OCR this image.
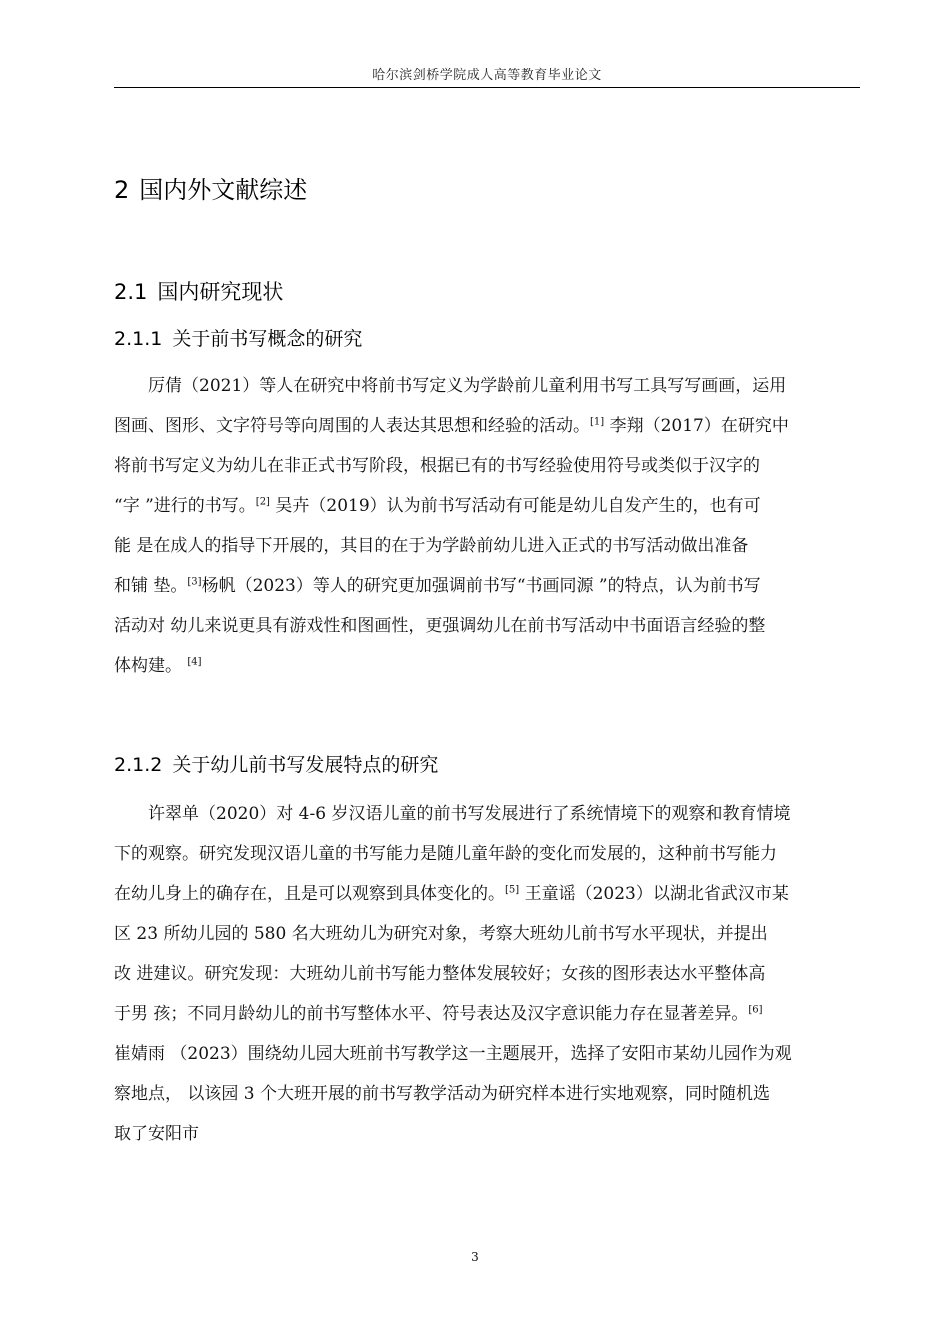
哈尔滨剑桥学院成人高等教育毕业论文
2 国内外文献综述
2.1 国内研究现状
2.1.1 关于前书写概念的研究
厉倩（2021）等人在研究中将前书写定义为学龄前儿童利用书写工具写写画画，运用
图画、图形、文字符号等向周围的人表达其思想和经验的活动。[1] 李翔（2017）在研究中
将前书写定义为幼儿在非正式书写阶段，根据已有的书写经验使用符号或类似于汉字的
“字 ”进行的书写。[2] 吴卉（2019）认为前书写活动有可能是幼儿自发产生的，也有可
能 是在成人的指导下开展的，其目的在于为学龄前幼儿进入正式的书写活动做出准备
和铺 垫。[3]杨帆（2023）等人的研究更加强调前书写“书画同源 ”的特点，认为前书写
活动对 幼儿来说更具有游戏性和图画性，更强调幼儿在前书写活动中书面语言经验的整
体构建。 [4]
2.1.2 关于幼儿前书写发展特点的研究
许翠单（2020）对 4-6 岁汉语儿童的前书写发展进行了系统情境下的观察和教育情境
下的观察。研究发现汉语儿童的书写能力是随儿童年龄的变化而发展的，这种前书写能力
在幼儿身上的确存在，且是可以观察到具体变化的。[5] 王童谣（2023）以湖北省武汉市某
区 23 所幼儿园的 580 名大班幼儿为研究对象，考察大班幼儿前书写水平现状，并提出
改 进建议。研究发现：大班幼儿前书写能力整体发展较好；女孩的图形表达水平整体高
于男 孩；不同月龄幼儿的前书写整体水平、符号表达及汉字意识能力存在显著差异。[6]
崔婧雨 （2023）围绕幼儿园大班前书写教学这一主题展开，选择了安阳市某幼儿园作为观
察地点， 以该园 3 个大班开展的前书写教学活动为研究样本进行实地观察，同时随机选
取了安阳市
3
